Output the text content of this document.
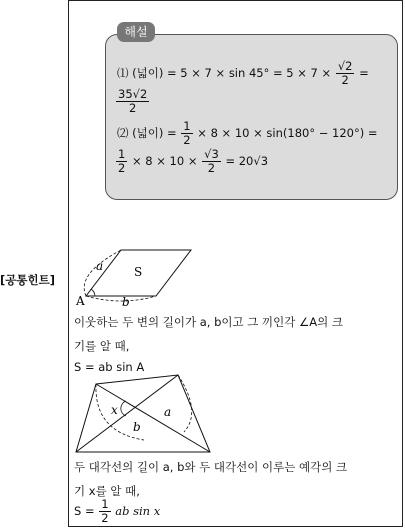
해설
⑴ (넓이) = $5 \times 7 \times \sin 45^\circ = 5 \times 7 \times \frac{√2}{2}$ =
$\frac{35√2}{2}$
⑵ (넓이) = $\frac{1}{2} \times 8 \times 10 \times \sin(180^\circ - 120^\circ)$ =
$\frac{1}{2} \times 8 \times 10 \times \frac{√3}{2} = 20√3$
[공통힌트]
a	S
A	b
이웃하는 두 변의 길이가 a, b이고 그 끼인각 ∠A의 크
기를 알 때,
S = ab sin A
x	a
b
두 대각선의 길이 a, b와 두 대각선이 이루는 예각의 크
기 x를 알 때,
$S = \frac{1}{2}$ ab sin x
